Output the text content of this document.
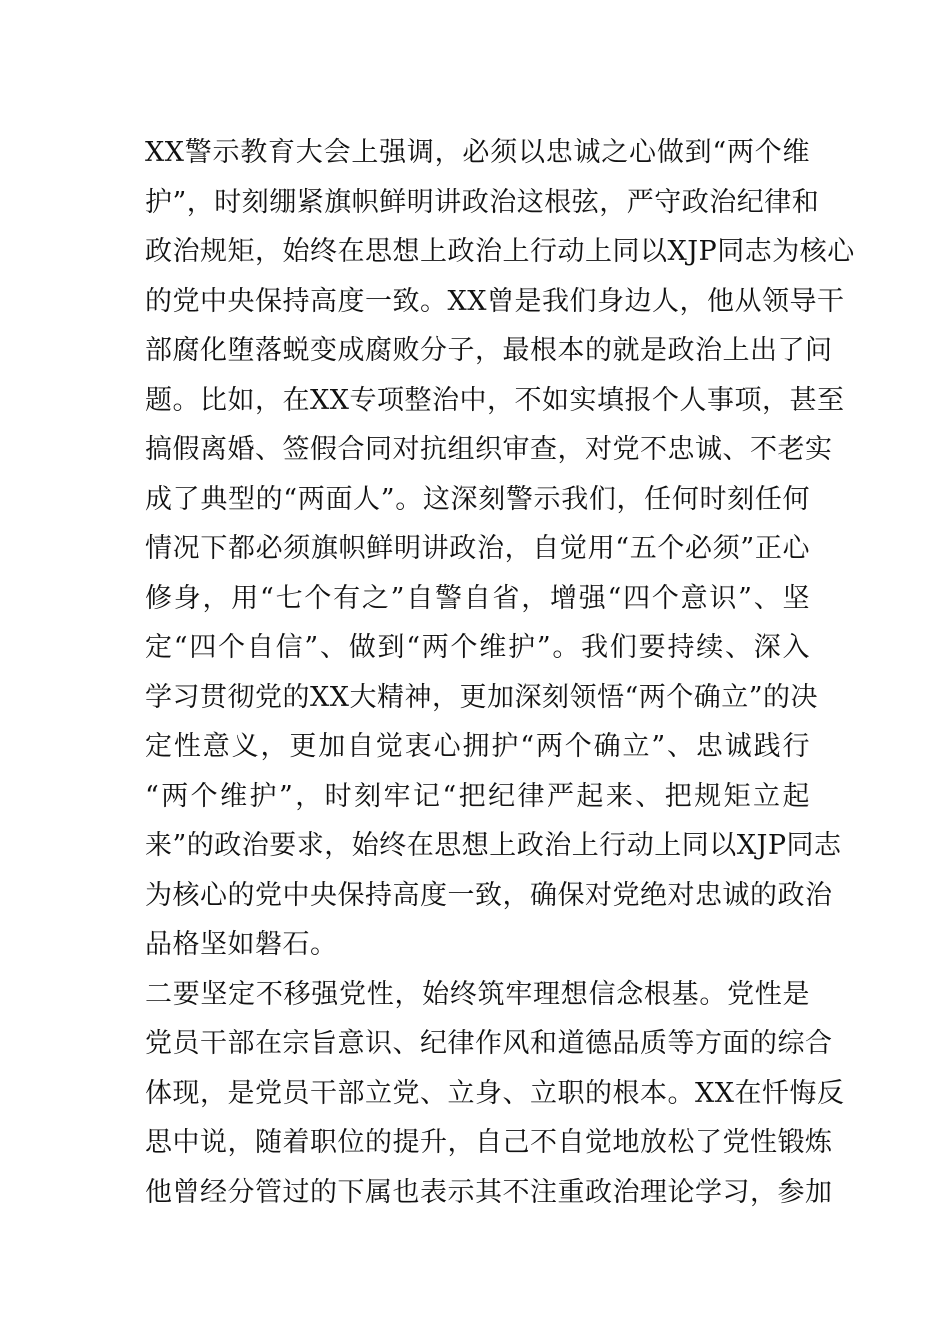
XX警示教育大会上强调，必须以忠诚之心做到“两个维
护”，时刻绷紧旗帜鲜明讲政治这根弦，严守政治纪律和
政治规矩，始终在思想上政治上行动上同以XJP同志为核心
的党中央保持高度一致。XX曾是我们身边人，他从领导干
部腐化堕落蜕变成腐败分子，最根本的就是政治上出了问
题。比如，在XX专项整治中，不如实填报个人事项，甚至
搞假离婚、签假合同对抗组织审查，对党不忠诚、不老实
成了典型的“两面人”。这深刻警示我们，任何时刻任何
情况下都必须旗帜鲜明讲政治，自觉用“五个必须”正心
修身，用“七个有之”自警自省，增强“四个意识”、坚
定“四个自信”、做到“两个维护”。我们要持续、深入
学习贯彻党的XX大精神，更加深刻领悟“两个确立”的决
定性意义，更加自觉衷心拥护“两个确立”、忠诚践行
“两个维护”，时刻牢记“把纪律严起来、把规矩立起
来”的政治要求，始终在思想上政治上行动上同以XJP同志
为核心的党中央保持高度一致，确保对党绝对忠诚的政治
品格坚如磐石。
二要坚定不移强党性，始终筑牢理想信念根基。党性是
党员干部在宗旨意识、纪律作风和道德品质等方面的综合
体现，是党员干部立党、立身、立职的根本。XX在忏悔反
思中说，随着职位的提升，自己不自觉地放松了党性锻炼
他曾经分管过的下属也表示其不注重政治理论学习，参加
